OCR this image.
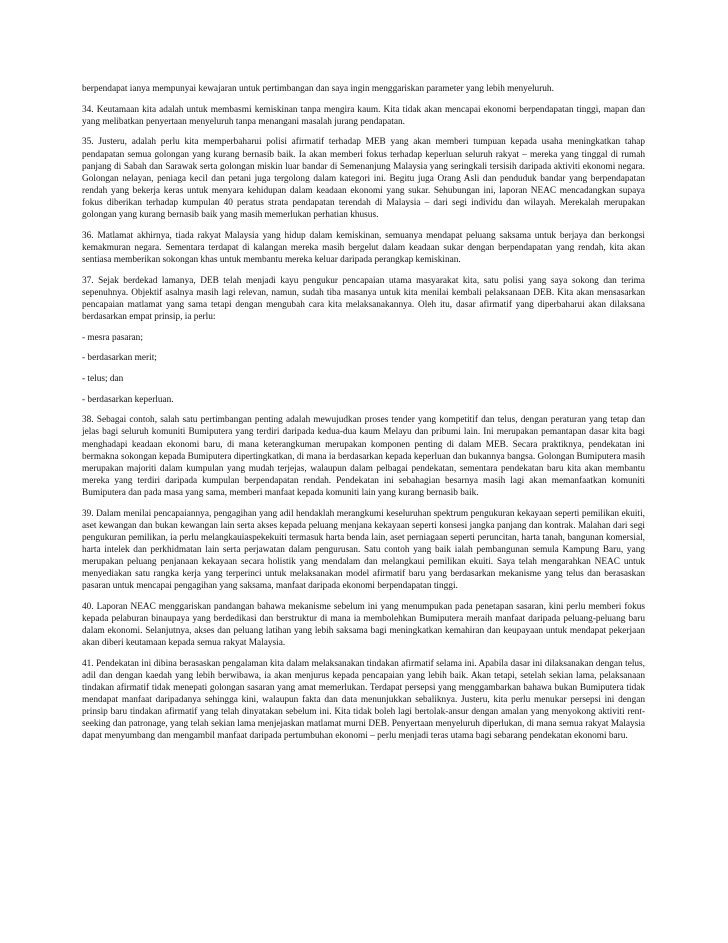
berpendapat ianya mempunyai kewajaran untuk pertimbangan dan saya ingin menggariskan parameter yang lebih menyeluruh.

34. Keutamaan kita adalah untuk membasmi kemiskinan tanpa mengira kaum. Kita tidak akan mencapai ekonomi berpendapatan tinggi, mapan dan yang melibatkan penyertaan menyeluruh tanpa menangani masalah jurang pendapatan.

35. Justeru, adalah perlu kita memperbaharui polisi afirmatif terhadap MEB yang akan memberi tumpuan kepada usaha meningkatkan tahap pendapatan semua golongan yang kurang bernasib baik. Ia akan memberi fokus terhadap keperluan seluruh rakyat – mereka yang tinggal di rumah panjang di Sabah dan Sarawak serta golongan miskin luar bandar di Semenanjung Malaysia yang seringkali tersisih daripada aktiviti ekonomi negara. Golongan nelayan, peniaga kecil dan petani juga tergolong dalam kategori ini. Begitu juga Orang Asli dan penduduk bandar yang berpendapatan rendah yang bekerja keras untuk menyara kehidupan dalam keadaan ekonomi yang sukar. Sehubungan ini, laporan NEAC mencadangkan supaya fokus diberikan terhadap kumpulan 40 peratus strata pendapatan terendah di Malaysia – dari segi individu dan wilayah. Merekalah merupakan golongan yang kurang bernasib baik yang masih memerlukan perhatian khusus.

36. Matlamat akhirnya, tiada rakyat Malaysia yang hidup dalam kemiskinan, semuanya mendapat peluang saksama untuk berjaya dan berkongsi kemakmuran negara. Sementara terdapat di kalangan mereka masih bergelut dalam keadaan sukar dengan berpendapatan yang rendah, kita akan sentiasa memberikan sokongan khas untuk membantu mereka keluar daripada perangkap kemiskinan.

37. Sejak berdekad lamanya, DEB telah menjadi kayu pengukur pencapaian utama masyarakat kita, satu polisi yang saya sokong dan terima sepenuhnya. Objektif asalnya masih lagi relevan, namun, sudah tiba masanya untuk kita menilai kembali pelaksanaan DEB. Kita akan mensasarkan pencapaian matlamat yang sama tetapi dengan mengubah cara kita melaksanakannya. Oleh itu, dasar afirmatif yang diperbaharui akan dilaksana berdasarkan empat prinsip, ia perlu:

- mesra pasaran;

- berdasarkan merit;

- telus; dan

- berdasarkan keperluan.

38. Sebagai contoh, salah satu pertimbangan penting adalah mewujudkan proses tender yang kompetitif dan telus, dengan peraturan yang tetap dan jelas bagi seluruh komuniti Bumiputera yang terdiri daripada kedua-dua kaum Melayu dan pribumi lain. Ini merupakan pemantapan dasar kita bagi menghadapi keadaan ekonomi baru, di mana keterangkuman merupakan komponen penting di dalam MEB. Secara praktiknya, pendekatan ini bermakna sokongan kepada Bumiputera dipertingkatkan, di mana ia berdasarkan kepada keperluan dan bukannya bangsa. Golongan Bumiputera masih merupakan majoriti dalam kumpulan yang mudah terjejas, walaupun dalam pelbagai pendekatan, sementara pendekatan baru kita akan membantu mereka yang terdiri daripada kumpulan berpendapatan rendah. Pendekatan ini sebahagian besarnya masih lagi akan memanfaatkan komuniti Bumiputera dan pada masa yang sama, memberi manfaat kepada komuniti lain yang kurang bernasib baik.

39. Dalam menilai pencapaiannya, pengagihan yang adil hendaklah merangkumi keseluruhan spektrum pengukuran kekayaan seperti pemilikan ekuiti, aset kewangan dan bukan kewangan lain serta akses kepada peluang menjana kekayaan seperti konsesi jangka panjang dan kontrak. Malahan dari segi pengukuran pemilikan, ia perlu melangkauiaspekekuiti termasuk harta benda lain, aset perniagaan seperti peruncitan, harta tanah, bangunan komersial, harta intelek dan perkhidmatan lain serta perjawatan dalam pengurusan. Satu contoh yang baik ialah pembangunan semula Kampung Baru, yang merupakan peluang penjanaan kekayaan secara holistik yang mendalam dan melangkaui pemilikan ekuiti. Saya telah mengarahkan NEAC untuk menyediakan satu rangka kerja yang terperinci untuk melaksanakan model afirmatif baru yang berdasarkan mekanisme yang telus dan berasaskan pasaran untuk mencapai pengagihan yang saksama, manfaat daripada ekonomi berpendapatan tinggi.

40. Laporan NEAC menggariskan pandangan bahawa mekanisme sebelum ini yang menumpukan pada penetapan sasaran, kini perlu memberi fokus kepada pelaburan binaupaya yang berdedikasi dan berstruktur di mana ia membolehkan Bumiputera meraih manfaat daripada peluang-peluang baru dalam ekonomi. Selanjutnya, akses dan peluang latihan yang lebih saksama bagi meningkatkan kemahiran dan keupayaan untuk mendapat pekerjaan akan diberi keutamaan kepada semua rakyat Malaysia.

41. Pendekatan ini dibina berasaskan pengalaman kita dalam melaksanakan tindakan afirmatif selama ini. Apabila dasar ini dilaksanakan dengan telus, adil dan dengan kaedah yang lebih berwibawa, ia akan menjurus kepada pencapaian yang lebih baik. Akan tetapi, setelah sekian lama, pelaksanaan tindakan afirmatif tidak menepati golongan sasaran yang amat memerlukan. Terdapat persepsi yang menggambarkan bahawa bukan Bumiputera tidak mendapat manfaat daripadanya sehingga kini, walaupun fakta dan data menunjukkan sebaliknya. Justeru, kita perlu menukar persepsi ini dengan prinsip baru tindakan afirmatif yang telah dinyatakan sebelum ini. Kita tidak boleh lagi bertolak-ansur dengan amalan yang menyokong aktiviti rent-seeking dan patronage, yang telah sekian lama menjejaskan matlamat murni DEB. Penyertaan menyeluruh diperlukan, di mana semua rakyat Malaysia dapat menyumbang dan mengambil manfaat daripada pertumbuhan ekonomi – perlu menjadi teras utama bagi sebarang pendekatan ekonomi baru.
